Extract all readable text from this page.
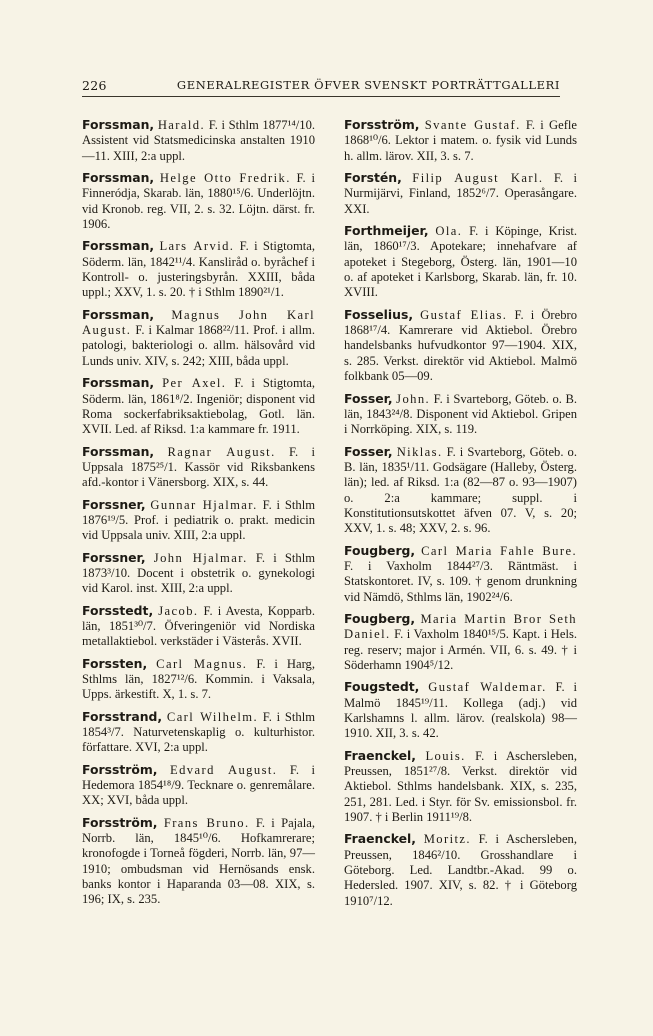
226	GENERALREGISTER ÖFVER SVENSKT PORTRÄTTGALLERI

Forssman, Harald. F. i Sthlm 1877¹⁴/10. Assistent vid Statsmedicinska anstalten 1910—11. XIII, 2:a uppl.

Forssman, Helge Otto Fredrik. F. i Finneródja, Skarab. län, 1880¹⁵/6. Underlöjtn. vid Kronob. reg. VII, 2. s. 32. Löjtn. därst. fr. 1906.

Forssman, Lars Arvid. F. i Stigtomta, Söderm. län, 1842¹¹/4. Kansliråd o. byråchef i Kontroll- o. justeringsbyrån. XXIII, båda uppl.; XXV, 1. s. 20. † i Sthlm 1890²¹/1.

Forssman, Magnus John Karl August. F. i Kalmar 1868²²/11. Prof. i allm. patologi, bakteriologi o. allm. hälsovård vid Lunds univ. XIV, s. 242; XIII, båda uppl.

Forssman, Per Axel. F. i Stigtomta, Söderm. län, 1861⁸/2. Ingeniör; disponent vid Roma sockerfabriksaktiebolag, Gotl. län. XVII. Led. af Riksd. 1:a kammare fr. 1911.

Forssman, Ragnar August. F. i Uppsala 1875²⁵/1. Kassör vid Riksbankens afd.-kontor i Vänersborg. XIX, s. 44.

Forssner, Gunnar Hjalmar. F. i Sthlm 1876¹⁹/5. Prof. i pediatrik o. prakt. medicin vid Uppsala univ. XIII, 2:a uppl.

Forssner, John Hjalmar. F. i Sthlm 1873³/10. Docent i obstetrik o. gynekologi vid Karol. inst. XIII, 2:a uppl.

Forsstedt, Jacob. F. i Avesta, Kopparb. län, 1851³⁰/7. Öfveringeniör vid Nordiska metallaktiebol. verkstäder i Västerås. XVII.

Forssten, Carl Magnus. F. i Harg, Sthlms län, 1827¹²/6. Kommin. i Vaksala, Upps. ärkestift. X, 1. s. 7.

Forsstrand, Carl Wilhelm. F. i Sthlm 1854³/7. Naturvetenskaplig o. kulturhistor. författare. XVI, 2:a uppl.

Forsström, Edvard August. F. i Hedemora 1854¹⁸/9. Tecknare o. genremålare. XX; XVI, båda uppl.

Forsström, Frans Bruno. F. i Pajala, Norrb. län, 1845¹⁰/6. Hofkamrerare; kronofogde i Torneå fögderi, Norrb. län, 97—1910; ombudsman vid Hernösands ensk. banks kontor i Haparanda 03—08. XIX, s. 196; IX, s. 235.

Forsström, Svante Gustaf. F. i Gefle 1868¹⁰/6. Lektor i matem. o. fysik vid Lunds h. allm. lärov. XII, 3. s. 7.

Forstén, Filip August Karl. F. i Nurmijärvi, Finland, 1852⁶/7. Operasångare. XXI.

Forthmeijer, Ola. F. i Köpinge, Krist. län, 1860¹⁷/3. Apotekare; innehafvare af apoteket i Stegeborg, Österg. län, 1901—10 o. af apoteket i Karlsborg, Skarab. län, fr. 10. XVIII.

Fosselius, Gustaf Elias. F. i Örebro 1868¹⁷/4. Kamrerare vid Aktiebol. Örebro handelsbanks hufvudkontor 97—1904. XIX, s. 285. Verkst. direktör vid Aktiebol. Malmö folkbank 05—09.

Fosser, John. F. i Svarteborg, Göteb. o. B. län, 1843²⁴/8. Disponent vid Aktiebol. Gripen i Norrköping. XIX, s. 119.

Fosser, Niklas. F. i Svarteborg, Göteb. o. B. län, 1835¹/11. Godsägare (Halleby, Österg. län); led. af Riksd. 1:a (82—87 o. 93—1907) o. 2:a kammare; suppl. i Konstitutionsutskottet äfven 07. V, s. 20; XXV, 1. s. 48; XXV, 2. s. 96.

Fougberg, Carl Maria Fahle Bure. F. i Vaxholm 1844²⁷/3. Räntmäst. i Statskontoret. IV, s. 109. † genom drunkning vid Nämdö, Sthlms län, 1902²⁴/6.

Fougberg, Maria Martin Bror Seth Daniel. F. i Vaxholm 1840¹⁵/5. Kapt. i Hels. reg. reserv; major i Armén. VII, 6. s. 49. † i Söderhamn 1904⁵/12.

Fougstedt, Gustaf Waldemar. F. i Malmö 1845¹⁹/11. Kollega (adj.) vid Karlshamns l. allm. lärov. (realskola) 98—1910. XII, 3. s. 42.

Fraenckel, Louis. F. i Aschersleben, Preussen, 1851²⁷/8. Verkst. direktör vid Aktiebol. Sthlms handelsbank. XIX, s. 235, 251, 281. Led. i Styr. för Sv. emissionsbol. fr. 1907. † i Berlin 1911¹⁹/8.

Fraenckel, Moritz. F. i Aschersleben, Preussen, 1846²/10. Grosshandlare i Göteborg. Led. Landtbr.-Akad. 99 o. Hedersled. 1907. XIV, s. 82. † i Göteborg 1910⁷/12.
